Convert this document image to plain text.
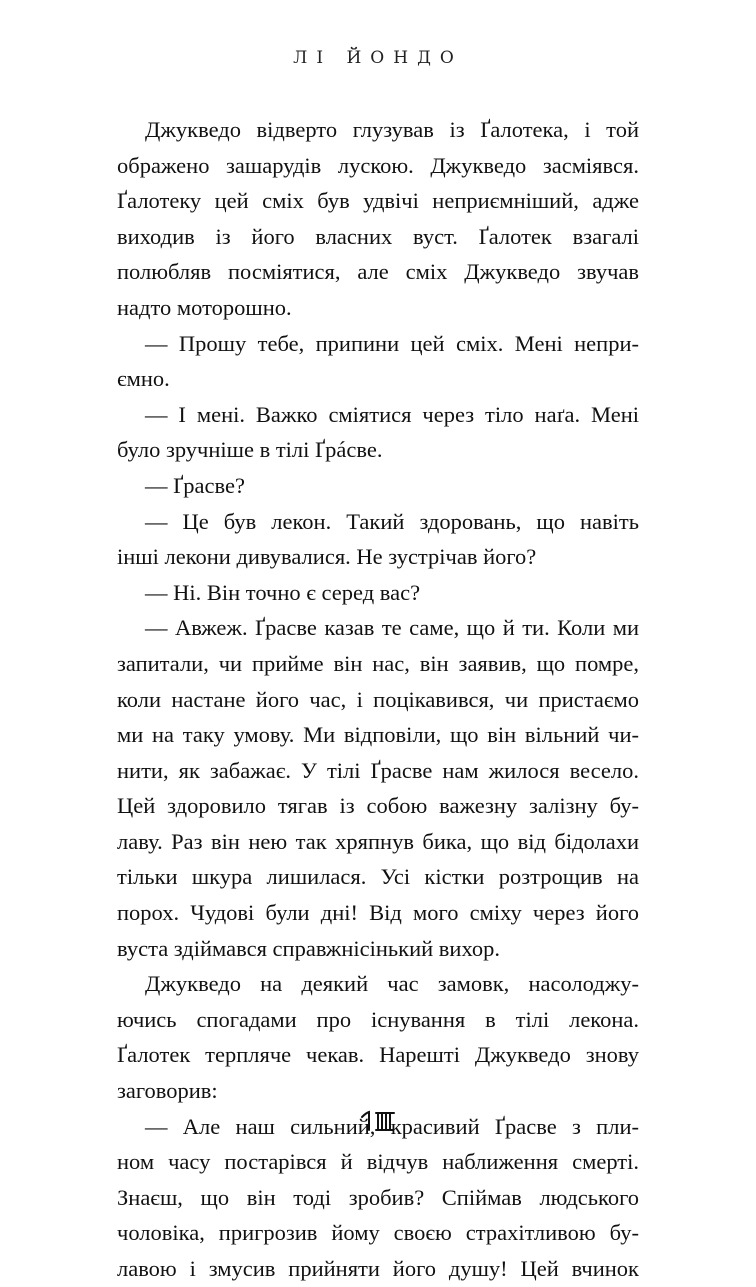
ЛІ ЙОНДО
Джукведо відверто глузував із Ґалотека, і той
ображено зашарудів лускою. Джукведо засміявся.
Ґалотеку цей сміх був удвічі неприємніший, адже
виходив із його власних вуст. Ґалотек взагалі
полюбляв посміятися, але сміх Джукведо звучав
надто моторошно.
— Прошу тебе, припини цей сміх. Мені непри-
ємно.
— І мені. Важко сміятися через тіло наґа. Мені
було зручніше в тілі Ґрáсве.
— Ґрасве?
— Це був лекон. Такий здоровань, що навіть
інші лекони дивувалися. Не зустрічав його?
— Ні. Він точно є серед вас?
— Авжеж. Ґрасве казав те саме, що й ти. Коли ми
запитали, чи прийме він нас, він заявив, що помре,
коли настане його час, і поцікавився, чи пристаємо
ми на таку умову. Ми відповіли, що він вільний чи-
нити, як забажає. У тілі Ґрасве нам жилося весело.
Цей здоровило тягав із собою важезну залізну бу-
лаву. Раз він нею так хряпнув бика, що від бідолахи
тільки шкура лишилася. Усі кістки розтрощив на
порох. Чудові були дні! Від мого сміху через його
вуста здіймався справжнісінький вихор.
Джукведо на деякий час замовк, насолоджу-
ючись спогадами про існування в тілі лекона.
Ґалотек терпляче чекав. Нарешті Джукведо знову
заговорив:
— Але наш сильний, красивий Ґрасве з пли-
ном часу постарівся й відчув наближення смерті.
Знаєш, що він тоді зробив? Спіймав людського
чоловіка, пригрозив йому своєю страхітливою бу-
лавою і змусив прийняти його душу! Цей вчинок
